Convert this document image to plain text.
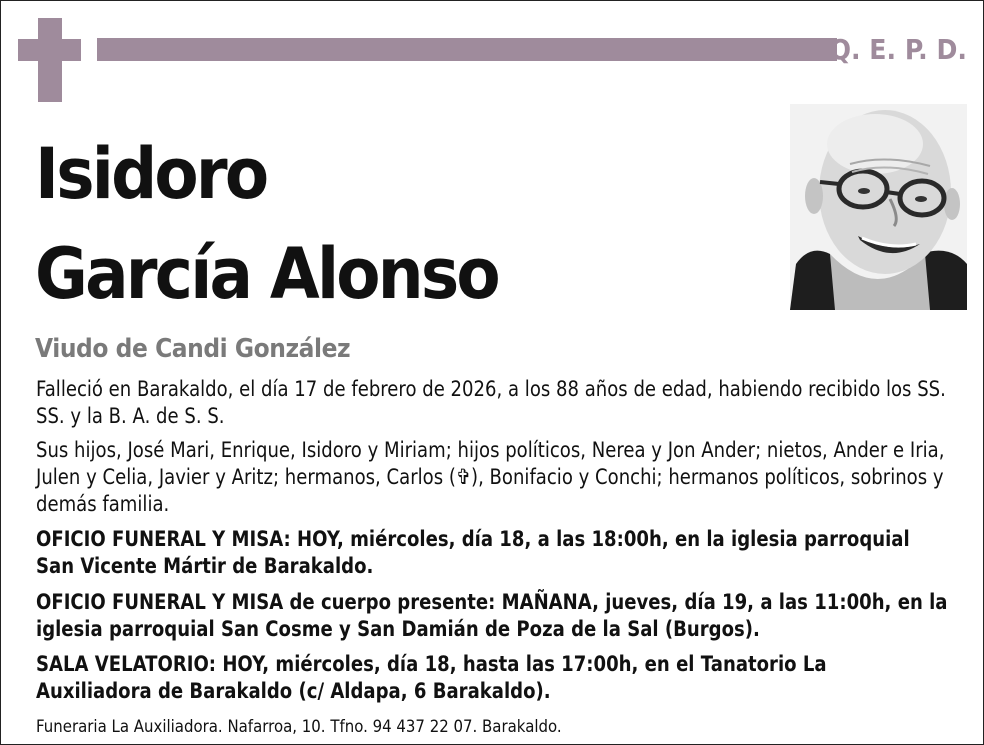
Q. E. P. D.
Isidoro
García Alonso
Viudo de Candi González

Falleció en Barakaldo, el día 17 de febrero de 2026, a los 88 años de edad, habiendo recibido los SS. SS. y la B. A. de S. S.

Sus hijos, José Mari, Enrique, Isidoro y Miriam; hijos políticos, Nerea y Jon Ander; nietos, Ander e Iria, Julen y Celia, Javier y Aritz; hermanos, Carlos (✞), Bonifacio y Conchi; hermanos políticos, sobrinos y demás familia.

OFICIO FUNERAL Y MISA: HOY, miércoles, día 18, a las 18:00h, en la iglesia parroquial San Vicente Mártir de Barakaldo.

OFICIO FUNERAL Y MISA de cuerpo presente: MAÑANA, jueves, día 19, a las 11:00h, en la iglesia parroquial San Cosme y San Damián de Poza de la Sal (Burgos).

SALA VELATORIO: HOY, miércoles, día 18, hasta las 17:00h, en el Tanatorio La Auxiliadora de Barakaldo (c/ Aldapa, 6 Barakaldo).

Funeraria La Auxiliadora. Nafarroa, 10. Tfno. 94 437 22 07. Barakaldo.
